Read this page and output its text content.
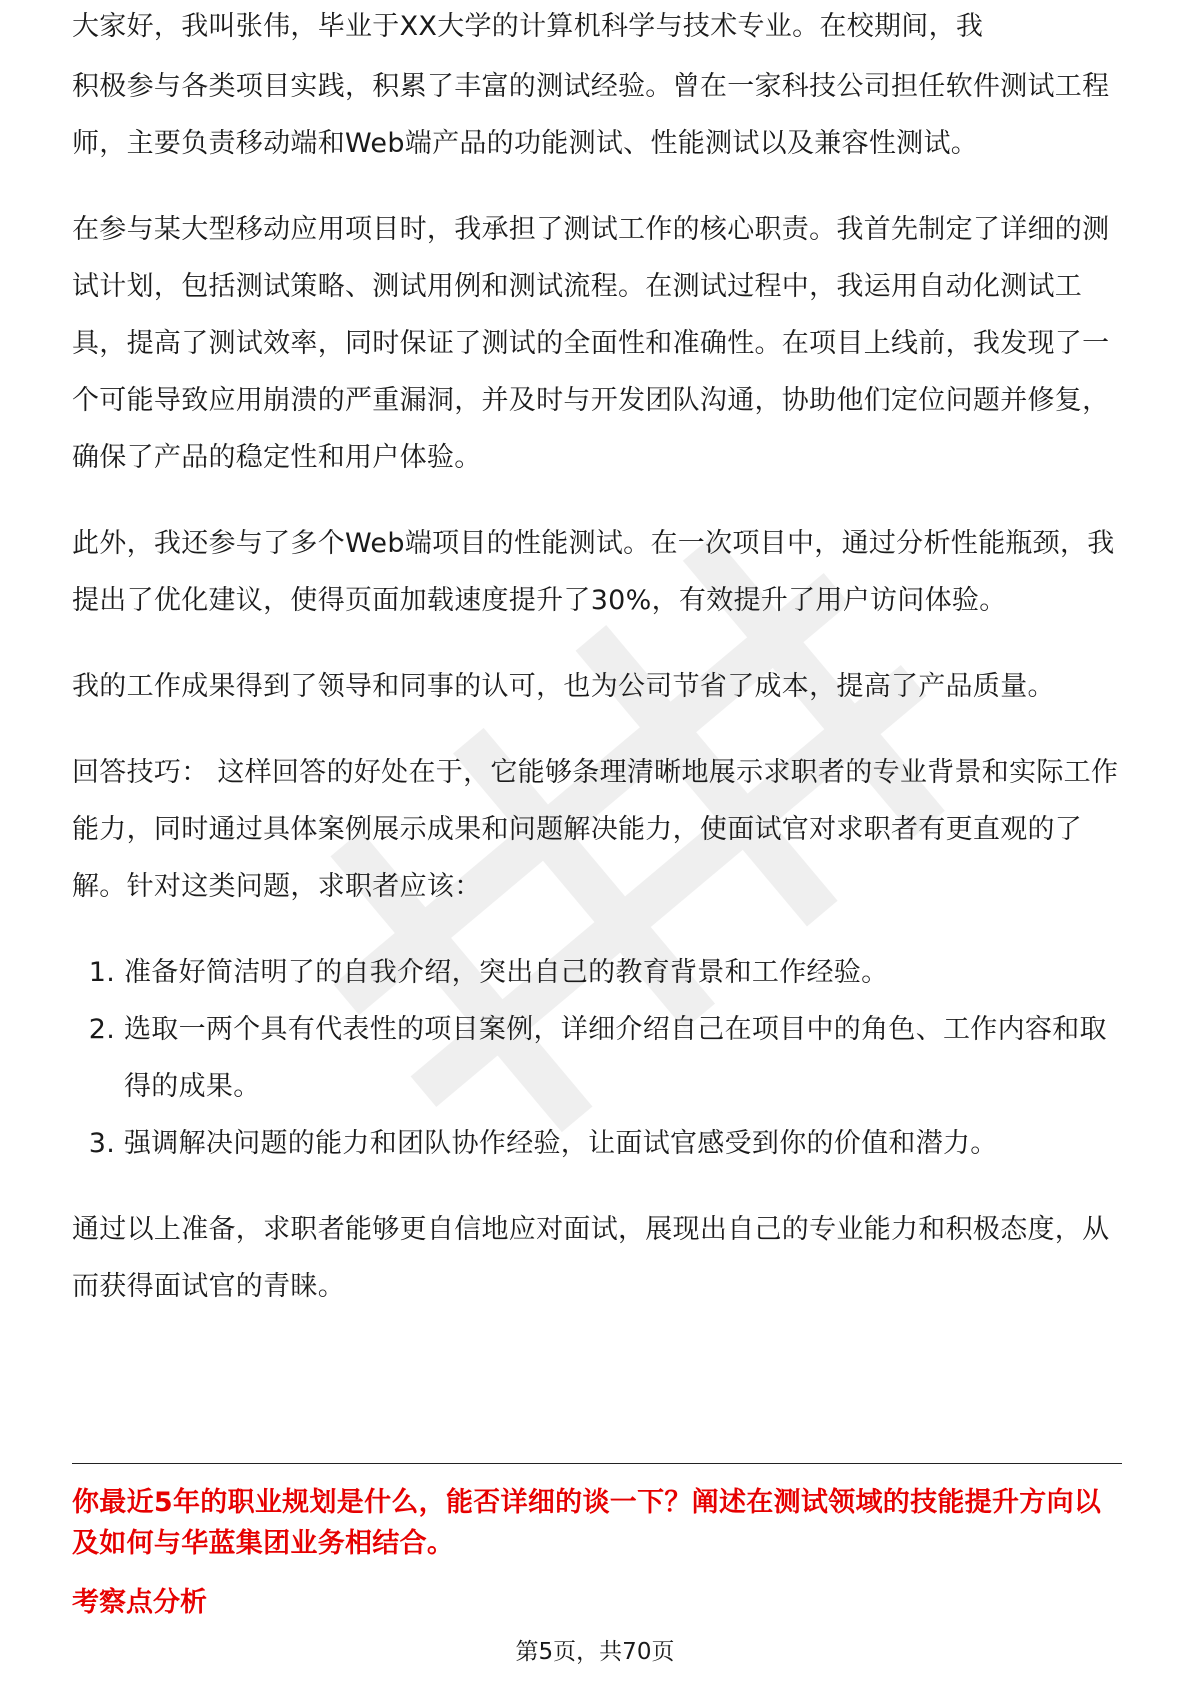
大家好，我叫张伟，毕业于XX大学的计算机科学与技术专业。在校期间，我
积极参与各类项目实践，积累了丰富的测试经验。曾在一家科技公司担任软件测试工程师，主要负责移动端和Web端产品的功能测试、性能测试以及兼容性测试。

在参与某大型移动应用项目时，我承担了测试工作的核心职责。我首先制定了详细的测试计划，包括测试策略、测试用例和测试流程。在测试过程中，我运用自动化测试工具，提高了测试效率，同时保证了测试的全面性和准确性。在项目上线前，我发现了一个可能导致应用崩溃的严重漏洞，并及时与开发团队沟通，协助他们定位问题并修复，确保了产品的稳定性和用户体验。

此外，我还参与了多个Web端项目的性能测试。在一次项目中，通过分析性能瓶颈，我提出了优化建议，使得页面加载速度提升了30%，有效提升了用户访问体验。

我的工作成果得到了领导和同事的认可，也为公司节省了成本，提高了产品质量。

回答技巧： 这样回答的好处在于，它能够条理清晰地展示求职者的专业背景和实际工作能力，同时通过具体案例展示成果和问题解决能力，使面试官对求职者有更直观的了解。针对这类问题，求职者应该：

1. 准备好简洁明了的自我介绍，突出自己的教育背景和工作经验。
2. 选取一两个具有代表性的项目案例，详细介绍自己在项目中的角色、工作内容和取得的成果。
3. 强调解决问题的能力和团队协作经验，让面试官感受到你的价值和潜力。

通过以上准备，求职者能够更自信地应对面试，展现出自己的专业能力和积极态度，从而获得面试官的青睐。

你最近5年的职业规划是什么，能否详细的谈一下？阐述在测试领域的技能提升方向以及如何与华蓝集团业务相结合。
考察点分析
第5页，共70页
